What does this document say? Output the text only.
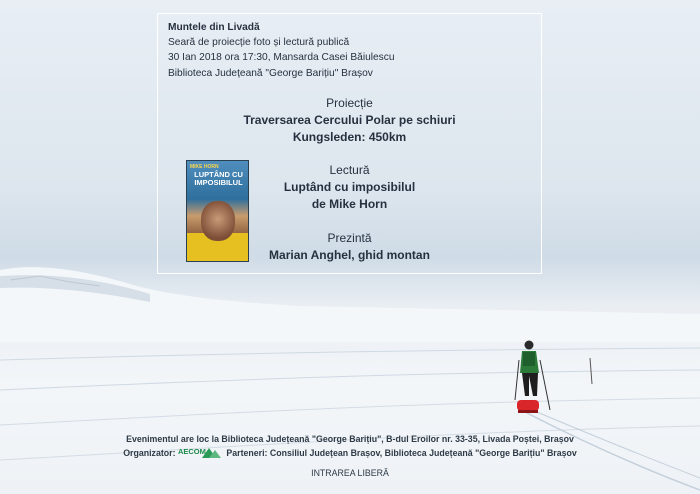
Muntele din Livadă
Seară de proiecție foto și lectură publică
30 Ian 2018 ora 17:30, Mansarda Casei Băiulescu
Biblioteca Județeană "George Barițiu" Brașov
Proiecție
Traversarea Cercului Polar pe schiuri
Kungsleden: 450km
MIKE HORN
LUPTÂND CU IMPOSIBILUL
Lectură
Luptând cu imposibilul
de Mike Horn
Prezintă
Marian Anghel, ghid montan
Evenimentul are loc la Biblioteca Județeană "George Barițiu", B-dul Eroilor nr. 33-35, Livada Poștei, Brașov
Organizator: AECOM Parteneri: Consiliul Județean Brașov, Biblioteca Județeană "George Barițiu" Brașov
INTRAREA LIBERĂ
